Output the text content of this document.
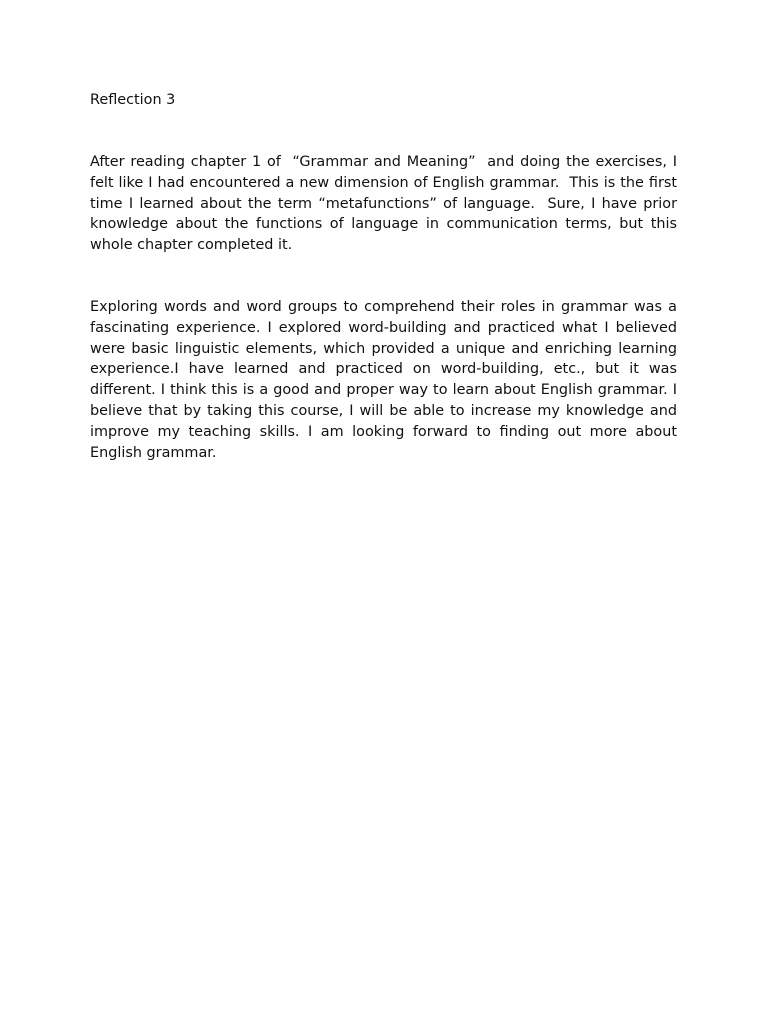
Reflection 3

After reading chapter 1 of  “Grammar and Meaning”  and doing the exercises, I felt like I had encountered a new dimension of English grammar.  This is the first time I learned about the term “metafunctions” of language.  Sure, I have prior knowledge about the functions of language in communication terms, but this whole chapter completed it.

Exploring words and word groups to comprehend their roles in grammar was a fascinating experience. I explored word-building and practiced what I believed were basic linguistic elements, which provided a unique and enriching learning experience.I have learned and practiced on word-building, etc., but it was different. I think this is a good and proper way to learn about English grammar. I believe that by taking this course, I will be able to increase my knowledge and improve my teaching skills. I am looking forward to finding out more about English grammar.
